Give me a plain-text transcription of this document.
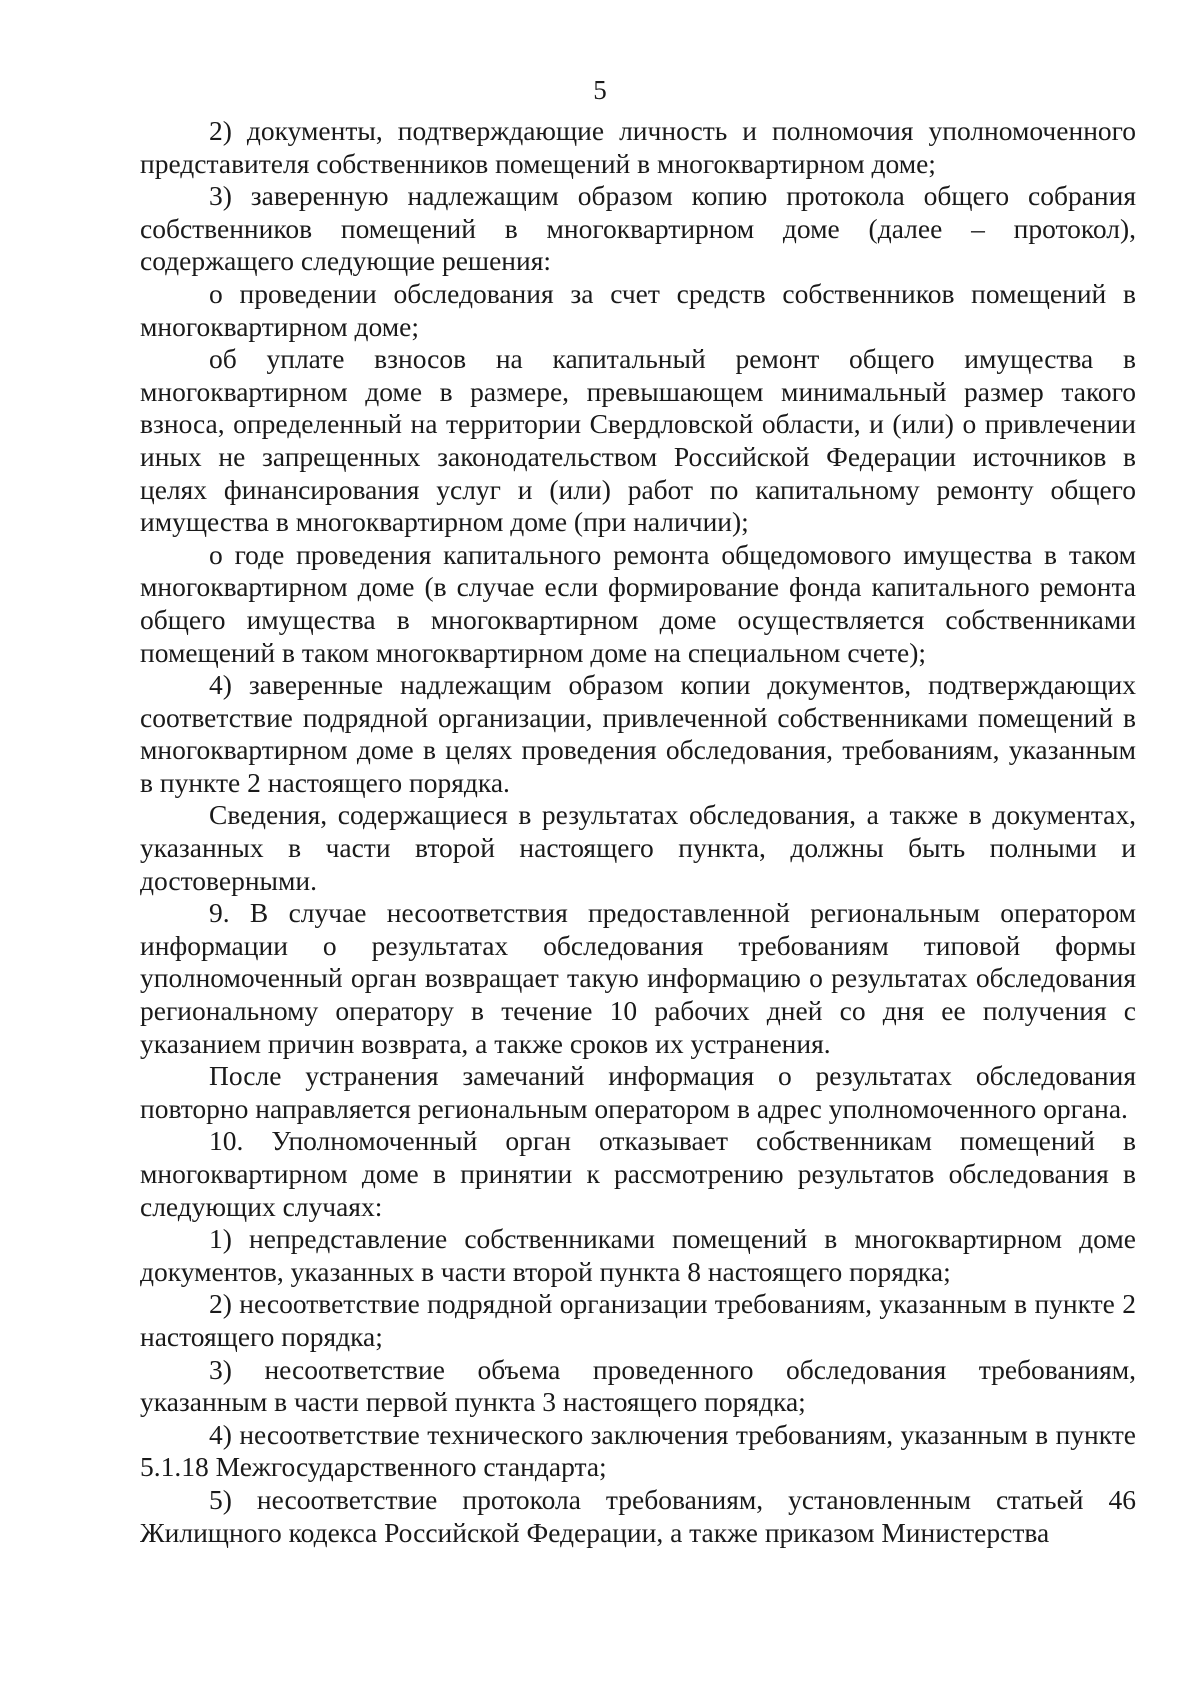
5

2) документы, подтверждающие личность и полномочия уполномоченного представителя собственников помещений в многоквартирном доме;

3) заверенную надлежащим образом копию протокола общего собрания собственников помещений в многоквартирном доме (далее – протокол), содержащего следующие решения:

о проведении обследования за счет средств собственников помещений в многоквартирном доме;

об уплате взносов на капитальный ремонт общего имущества в многоквартирном доме в размере, превышающем минимальный размер такого взноса, определенный на территории Свердловской области, и (или) о привлечении иных не запрещенных законодательством Российской Федерации источников в целях финансирования услуг и (или) работ по капитальному ремонту общего имущества в многоквартирном доме (при наличии);

о годе проведения капитального ремонта общедомового имущества в таком многоквартирном доме (в случае если формирование фонда капитального ремонта общего имущества в многоквартирном доме осуществляется собственниками помещений в таком многоквартирном доме на специальном счете);

4) заверенные надлежащим образом копии документов, подтверждающих соответствие подрядной организации, привлеченной собственниками помещений в многоквартирном доме в целях проведения обследования, требованиям, указанным в пункте 2 настоящего порядка.

Сведения, содержащиеся в результатах обследования, а также в документах, указанных в части второй настоящего пункта, должны быть полными и достоверными.

9. В случае несоответствия предоставленной региональным оператором информации о результатах обследования требованиям типовой формы уполномоченный орган возвращает такую информацию о результатах обследования региональному оператору в течение 10 рабочих дней со дня ее получения с указанием причин возврата, а также сроков их устранения.

После устранения замечаний информация о результатах обследования повторно направляется региональным оператором в адрес уполномоченного органа.

10. Уполномоченный орган отказывает собственникам помещений в многоквартирном доме в принятии к рассмотрению результатов обследования в следующих случаях:

1) непредставление собственниками помещений в многоквартирном доме документов, указанных в части второй пункта 8 настоящего порядка;

2) несоответствие подрядной организации требованиям, указанным в пункте 2 настоящего порядка;

3) несоответствие объема проведенного обследования требованиям, указанным в части первой пункта 3 настоящего порядка;

4) несоответствие технического заключения требованиям, указанным в пункте 5.1.18 Межгосударственного стандарта;

5) несоответствие протокола требованиям, установленным статьей 46 Жилищного кодекса Российской Федерации, а также приказом Министерства
